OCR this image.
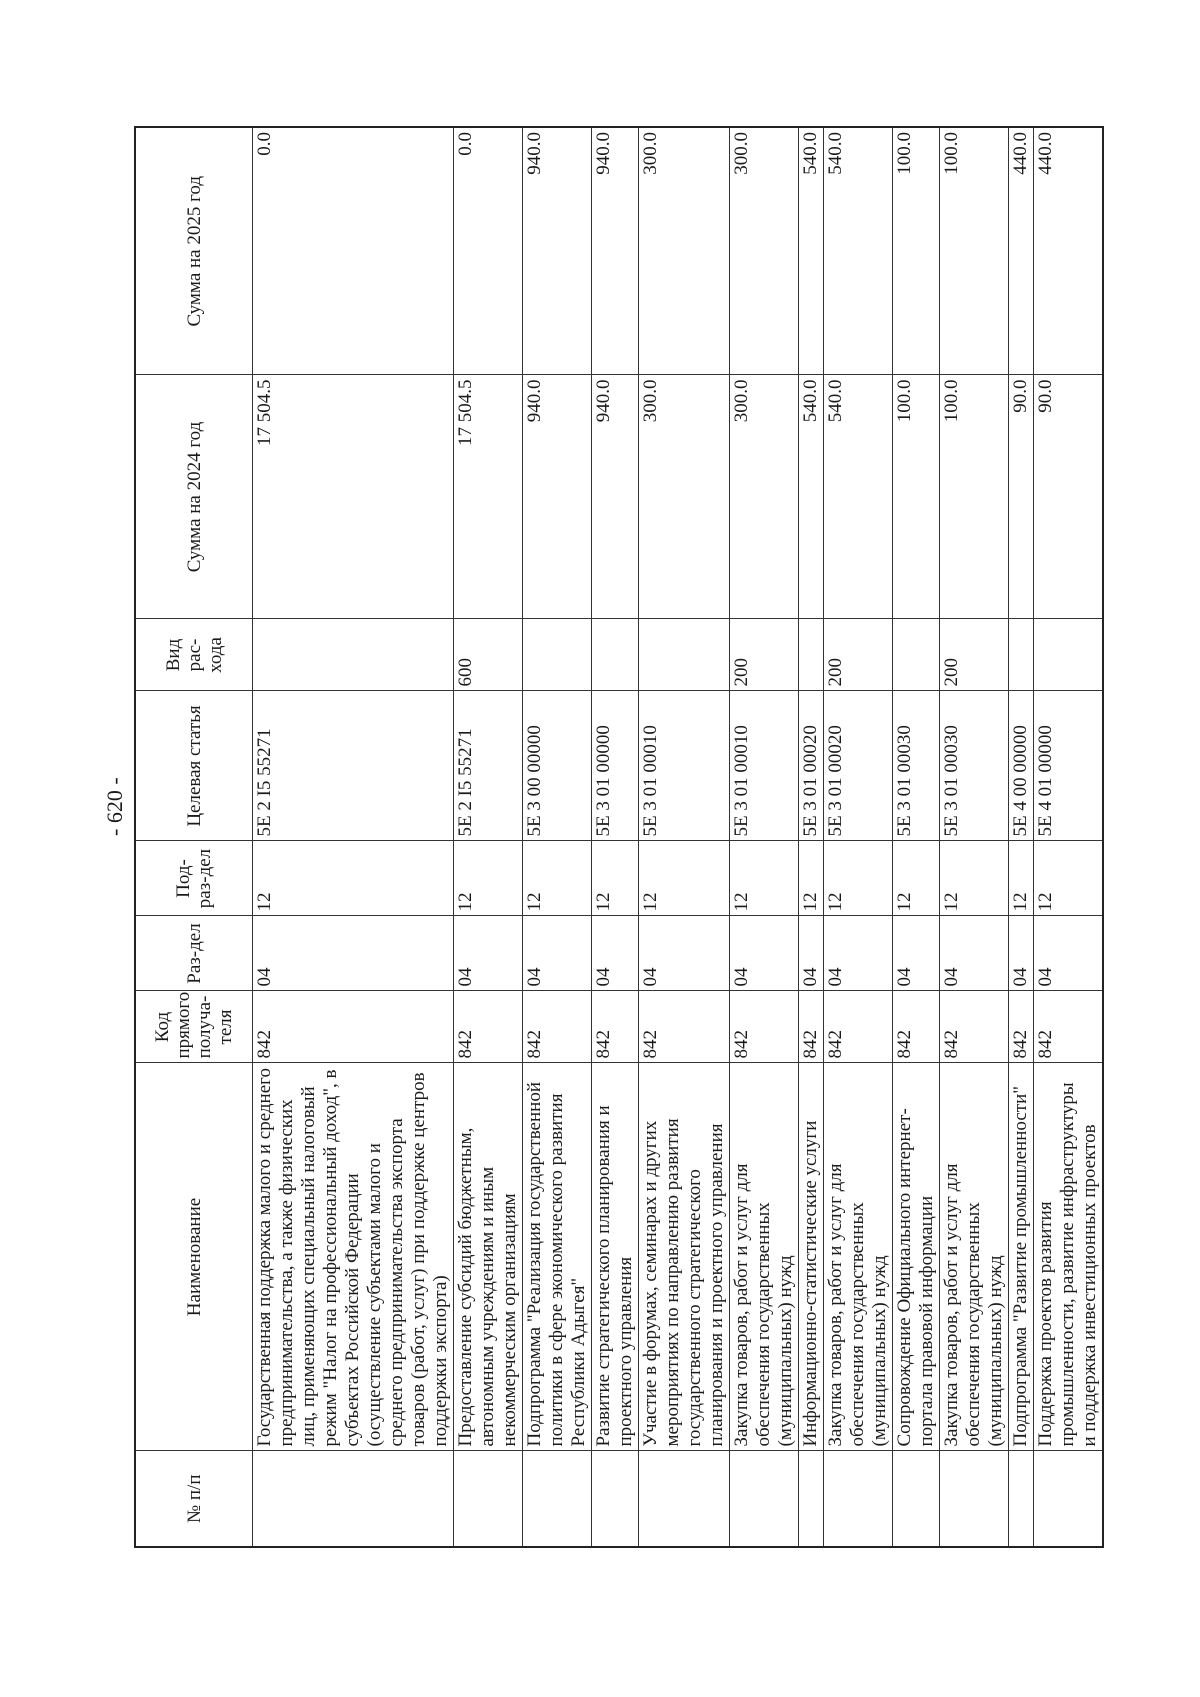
- 620 -
№ п/п	Наименование	Код прямого получа-теля	Раз-дел	Под-раз-дел	Целевая статья	Вид рас-хода	Сумма на 2024 год	Сумма на 2025 год
	Государственная поддержка малого и среднего предпринимательства, а также физических лиц, применяющих специальный налоговый режим "Налог на профессиональный доход", в субъектах Российской Федерации (осуществление субъектами малого и среднего предпринимательства экспорта товаров (работ, услуг) при поддержке центров поддержки экспорта)	842	04	12	5Е 2 I5 55271		17 504.5	0.0
	Предоставление субсидий бюджетным, автономным учреждениям и иным некоммерческим организациям	842	04	12	5Е 2 I5 55271	600	17 504.5	0.0
	Подпрограмма "Реализация государственной политики в сфере экономического развития Республики Адыгея"	842	04	12	5Е 3 00 00000		940.0	940.0
	Развитие стратегического планирования и проектного управления	842	04	12	5Е 3 01 00000		940.0	940.0
	Участие в форумах, семинарах и других мероприятиях по направлению развития государственного стратегического планирования и проектного управления	842	04	12	5Е 3 01 00010		300.0	300.0
	Закупка товаров, работ и услуг для обеспечения государственных (муниципальных) нужд	842	04	12	5Е 3 01 00010	200	300.0	300.0
	Информационно-статистические услуги	842	04	12	5Е 3 01 00020		540.0	540.0
	Закупка товаров, работ и услуг для обеспечения государственных (муниципальных) нужд	842	04	12	5Е 3 01 00020	200	540.0	540.0
	Сопровождение Официального интернет-портала правовой информации	842	04	12	5Е 3 01 00030		100.0	100.0
	Закупка товаров, работ и услуг для обеспечения государственных (муниципальных) нужд	842	04	12	5Е 3 01 00030	200	100.0	100.0
	Подпрограмма "Развитие промышленности"	842	04	12	5Е 4 00 00000		90.0	440.0
	Поддержка проектов развития промышленности, развитие инфраструктуры и поддержка инвестиционных проектов	842	04	12	5Е 4 01 00000		90.0	440.0
